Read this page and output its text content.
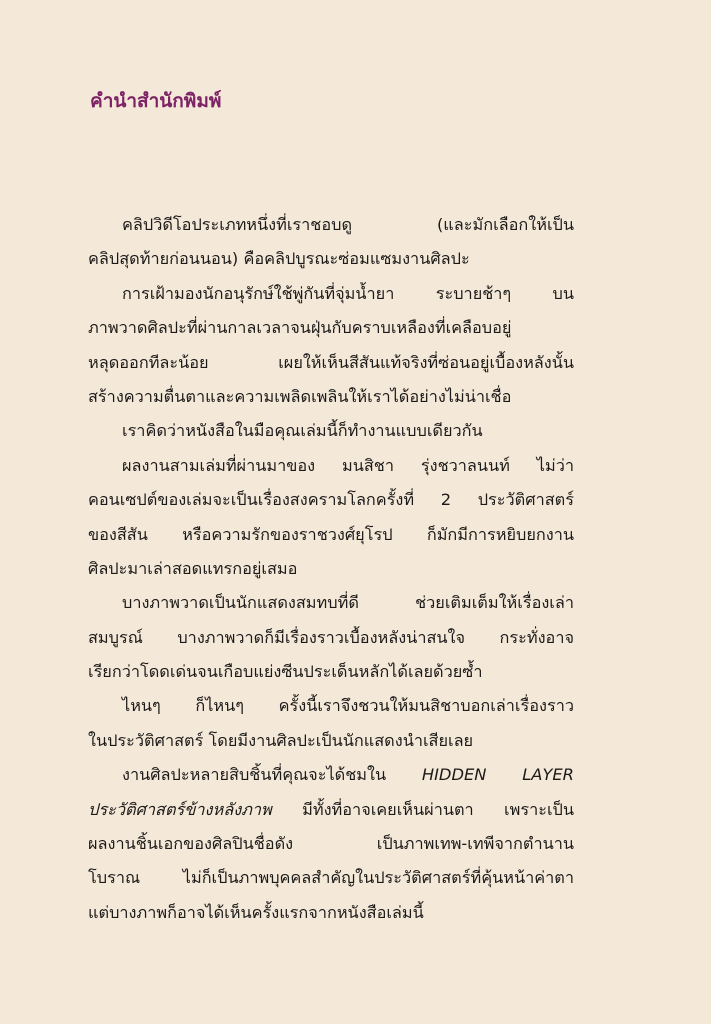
คำนำสำนักพิมพ์
คลิปวิดีโอประเภทหนึ่งที่เราชอบดู (และมักเลือกให้เป็น
คลิปสุดท้ายก่อนนอน) คือคลิปบูรณะซ่อมแซมงานศิลปะ
การเฝ้ามองนักอนุรักษ์ใช้พู่กันที่จุ่มน้ำยา ระบายช้าๆ บน
ภาพวาดศิลปะที่ผ่านกาลเวลาจนฝุ่นกับคราบเหลืองที่เคลือบอยู่
หลุดออกทีละน้อย เผยให้เห็นสีสันแท้จริงที่ซ่อนอยู่เบื้องหลังนั้น
สร้างความตื่นตาและความเพลิดเพลินให้เราได้อย่างไม่น่าเชื่อ
เราคิดว่าหนังสือในมือคุณเล่มนี้ก็ทำงานแบบเดียวกัน
ผลงานสามเล่มที่ผ่านมาของ มนสิชา รุ่งชวาลนนท์ ไม่ว่า
คอนเซปต์ของเล่มจะเป็นเรื่องสงครามโลกครั้งที่ 2 ประวัติศาสตร์
ของสีสัน หรือความรักของราชวงศ์ยุโรป ก็มักมีการหยิบยกงาน
ศิลปะมาเล่าสอดแทรกอยู่เสมอ
บางภาพวาดเป็นนักแสดงสมทบที่ดี ช่วยเติมเต็มให้เรื่องเล่า
สมบูรณ์ บางภาพวาดก็มีเรื่องราวเบื้องหลังน่าสนใจ กระทั่งอาจ
เรียกว่าโดดเด่นจนเกือบแย่งซีนประเด็นหลักได้เลยด้วยซ้ำ
ไหนๆ ก็ไหนๆ ครั้งนี้เราจึงชวนให้มนสิชาบอกเล่าเรื่องราว
ในประวัติศาสตร์ โดยมีงานศิลปะเป็นนักแสดงนำเสียเลย
งานศิลปะหลายสิบชิ้นที่คุณจะได้ชมใน HIDDEN LAYER
ประวัติศาสตร์ข้างหลังภาพ มีทั้งที่อาจเคยเห็นผ่านตา เพราะเป็น
ผลงานชิ้นเอกของศิลปินชื่อดัง เป็นภาพเทพ-เทพีจากตำนาน
โบราณ ไม่ก็เป็นภาพบุคคลสำคัญในประวัติศาสตร์ที่คุ้นหน้าค่าตา
แต่บางภาพก็อาจได้เห็นครั้งแรกจากหนังสือเล่มนี้
